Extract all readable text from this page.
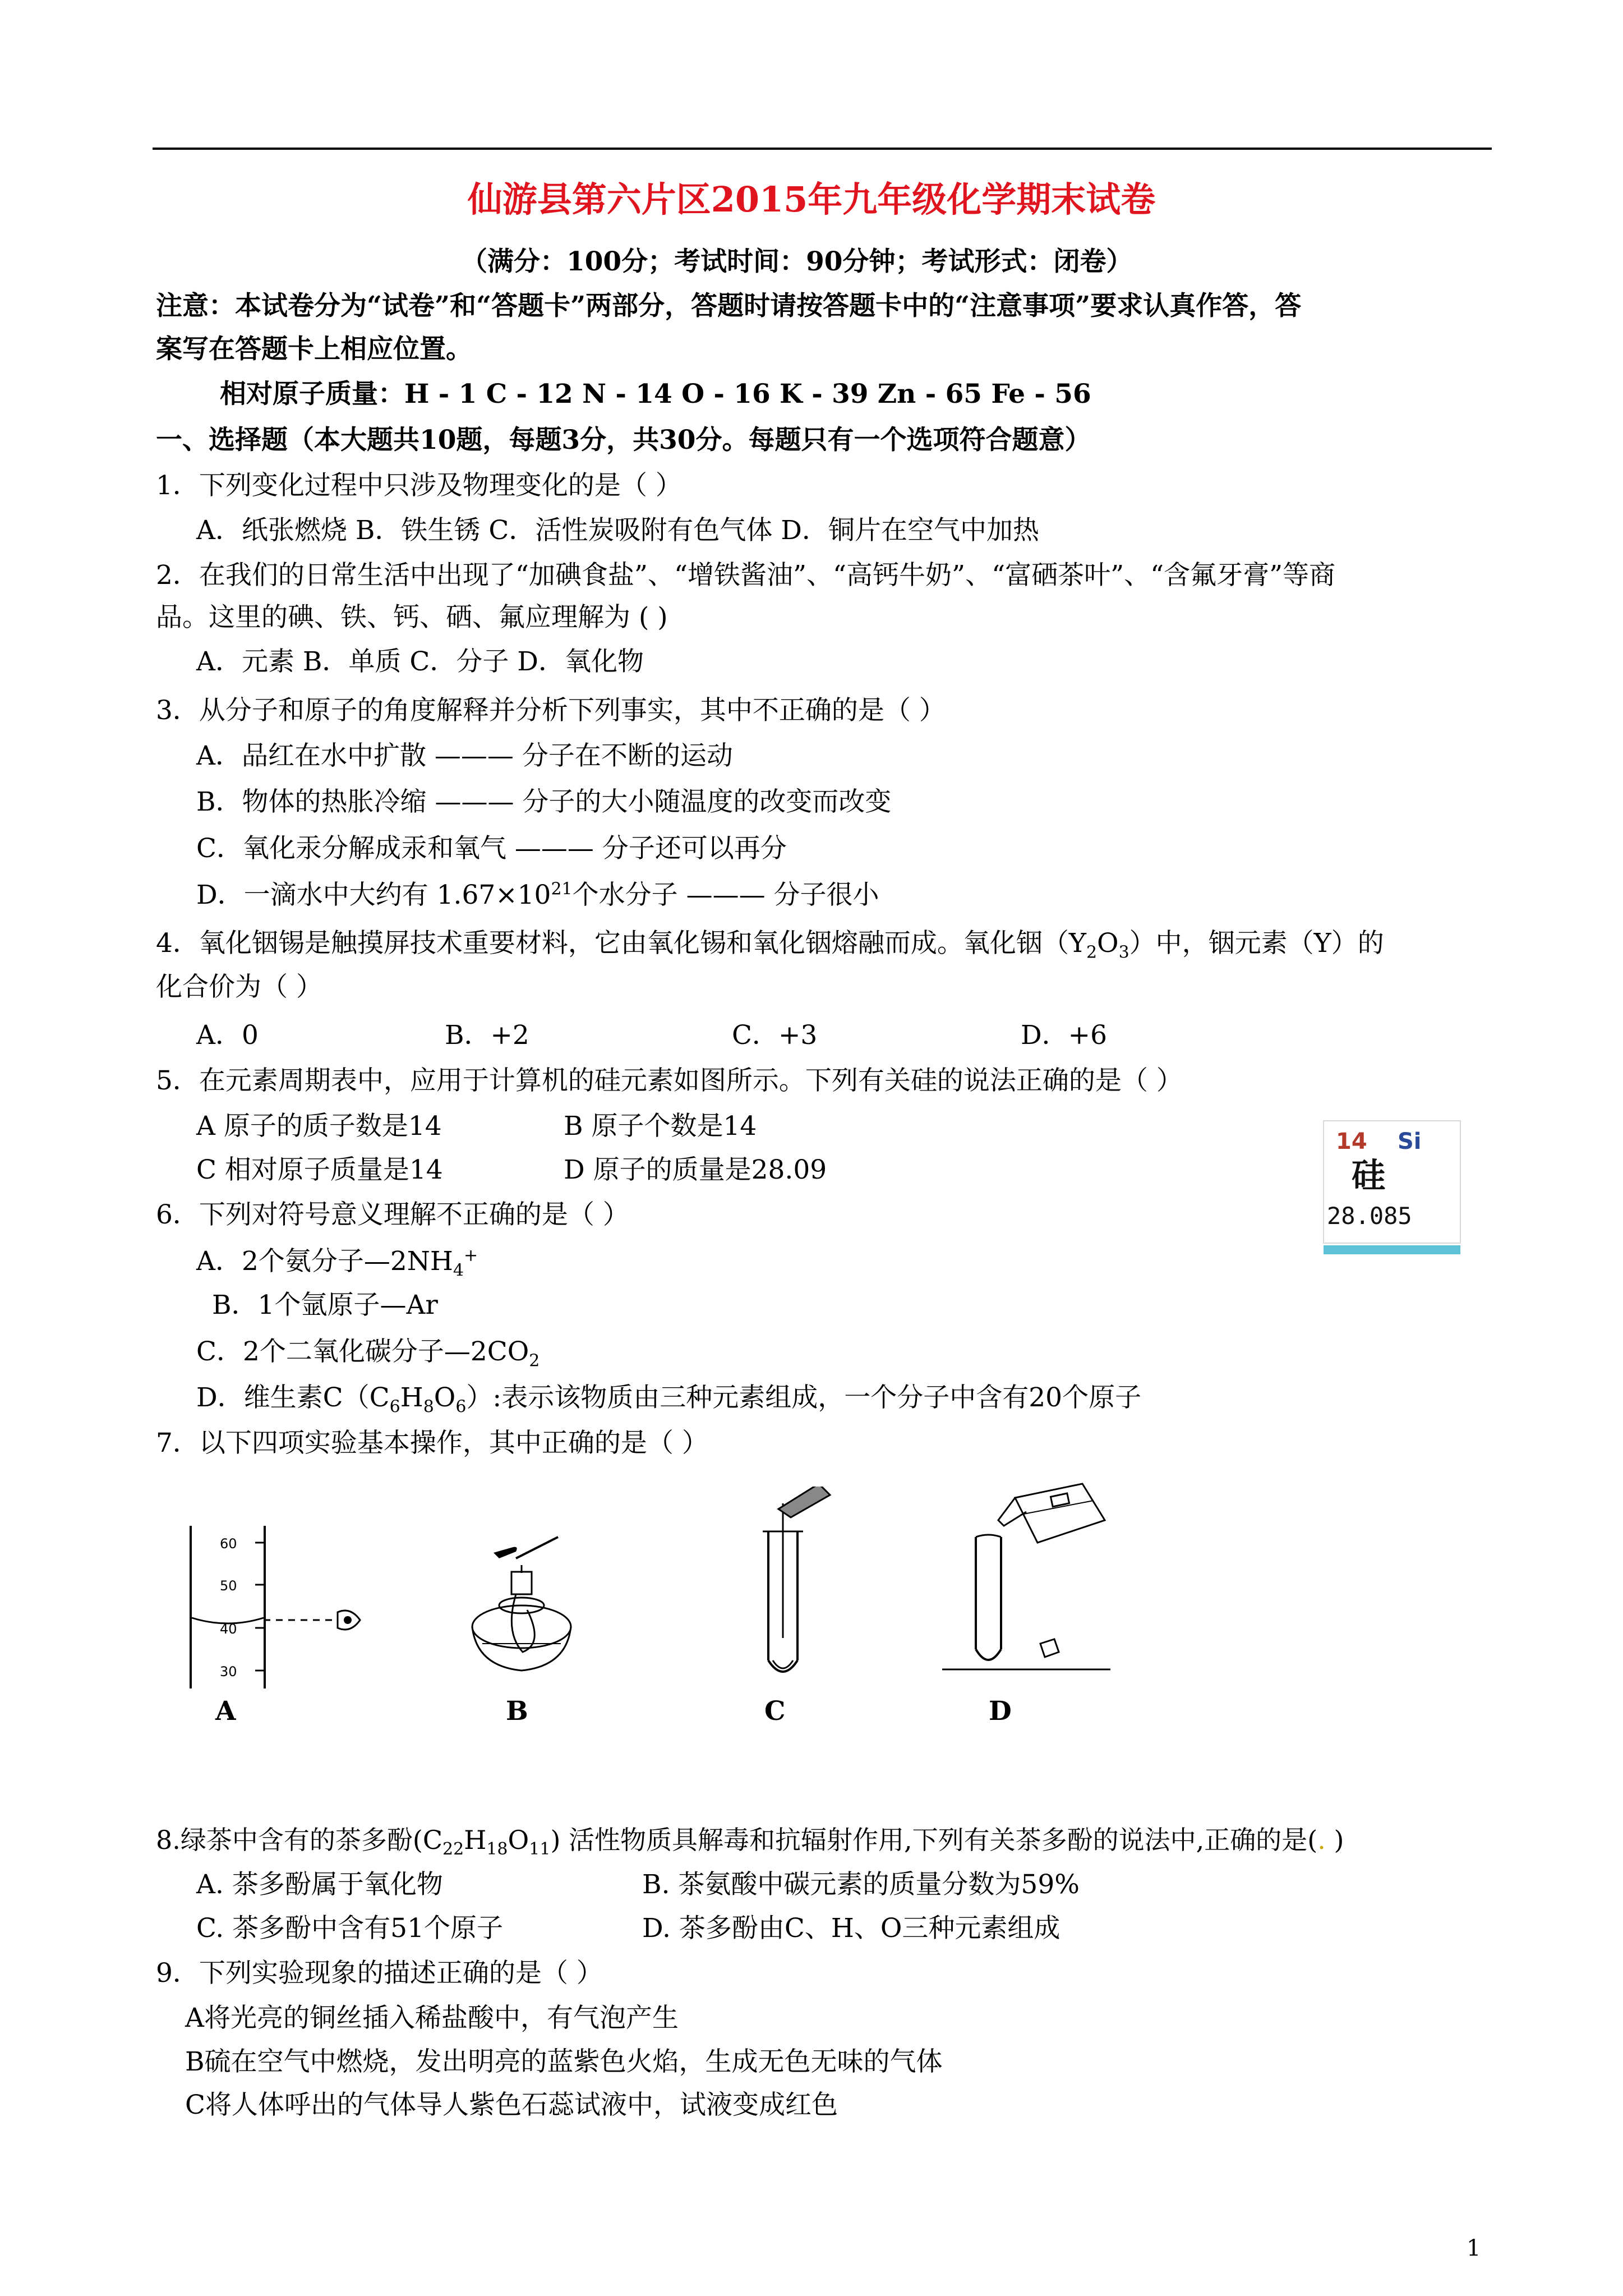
仙游县第六片区2015年九年级化学期末试卷
（满分：100分；考试时间：90分钟；考试形式：闭卷）
注意：本试卷分为“试卷”和“答题卡”两部分，答题时请按答题卡中的“注意事项”要求认真作答，答
案写在答题卡上相应位置。
相对原子质量：H - 1 C - 12 N - 14 O - 16 K - 39 Zn - 65 Fe - 56
一、选择题（本大题共10题，每题3分，共30分。每题只有一个选项符合题意）
1．下列变化过程中只涉及物理变化的是（ ）
A．纸张燃烧 B．铁生锈 C．活性炭吸附有色气体 D．铜片在空气中加热
2．在我们的日常生活中出现了“加碘食盐”、“增铁酱油”、“高钙牛奶”、“富硒茶叶”、“含氟牙膏”等商
品。这里的碘、铁、钙、硒、氟应理解为 ( )
A．元素 B．单质 C．分子 D．氧化物
3．从分子和原子的角度解释并分析下列事实，其中不正确的是（ ）
A．品红在水中扩散 ——— 分子在不断的运动
B．物体的热胀冷缩 ——— 分子的大小随温度的改变而改变
C．氧化汞分解成汞和氧气 ——— 分子还可以再分
D．一滴水中大约有 $1.67\times 10^{21}$个水分子 ——— 分子很小
4．氧化铟锡是触摸屏技术重要材料，它由氧化锡和氧化铟熔融而成。氧化铟$(Y_2O_3)$中，铟元素（Y）的
化合价为（ ）
A．0	B．+2	C．+3	D．+6
5．在元素周期表中，应用于计算机的硅元素如图所示。下列有关硅的说法正确的是（ ）
A 原子的质子数是14	B 原子个数是14
C 相对原子质量是14	D 原子的质量是28.09
14 Si
硅
28.085
6．下列对符号意义理解不正确的是（ ）
A．2个氨分子$—2NH_4^+$
B．1个氩原子—Ar
C．2个二氧化碳分子$—2CO_2$
D．维生素$C(C_6H_8O_6)$:表示该物质由三种元素组成，一个分子中含有20个原子
7．以下四项实验基本操作，其中正确的是（ ）
60
50
40
30
A	B	C	D
8.绿茶中含有的茶多酚$(C_{22}H_{18}O_{11})$ 活性物质具解毒和抗辐射作用,下列有关茶多酚的说法中,正确的是(. )
A. 茶多酚属于氧化物	B. 茶氨酸中碳元素的质量分数为59%
C. 茶多酚中含有51个原子	D. 茶多酚由C、H、O三种元素组成
9．下列实验现象的描述正确的是（ ）
A将光亮的铜丝插入稀盐酸中，有气泡产生
B硫在空气中燃烧，发出明亮的蓝紫色火焰，生成无色无味的气体
C将人体呼出的气体导人紫色石蕊试液中，试液变成红色
1
